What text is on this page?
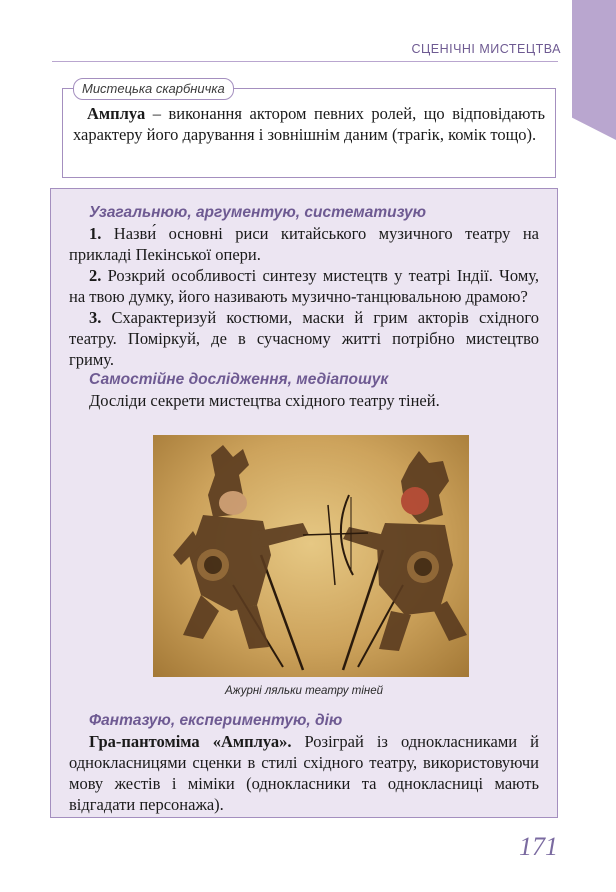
СЦЕНІЧНІ МИСТЕЦТВА
Мистецька скарбничка
Амплуа – виконання актором певних ролей, що відповідають характеру його дарування і зовнішнім даним (трагік, комік тощо).
Узагальнюю, аргументую, систематизую

1. Назви́ основні риси китайського музичного театру на прикладі Пекінської опери.

2. Розкрий особливості синтезу мистецтв у театрі Індії. Чому, на твою думку, його називають музично-танцювальною драмою?

3. Схарактеризуй костюми, маски й грим акторів східного театру. Поміркуй, де в сучасному житті потрібно мистецтво гриму.

Самостійне дослідження, медіапошук

Досліди секрети мистецтва східного театру тіней.

Ажурні ляльки театру тіней
Фантазую, експериментую, дію

Гра-пантоміма «Амплуа». Розіграй із однокласниками й однокласницями сценки в стилі східного театру, використовуючи мову жестів і міміки (однокласники та однокласниці мають відгадати персонажа).

171
